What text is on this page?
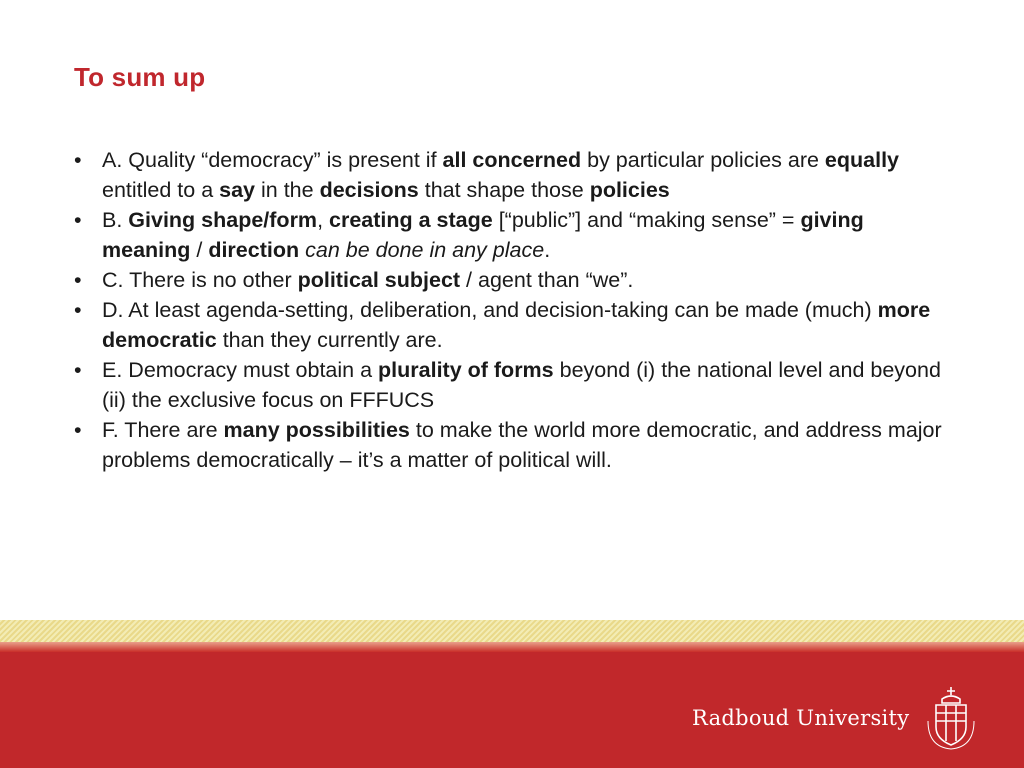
To sum up
• A. Quality “democracy” is present if all concerned by particular policies are equally entitled to a say in the decisions that shape those policies
• B. Giving shape/form, creating a stage [“public”] and “making sense” = giving meaning / direction can be done in any place.
• C. There is no other political subject / agent than “we”.
• D. At least agenda-setting, deliberation, and decision-taking can be made (much) more democratic than they currently are.
• E. Democracy must obtain a plurality of forms beyond (i) the national level and beyond (ii) the exclusive focus on FFFUCS
• F. There are many possibilities to make the world more democratic, and address major problems democratically – it’s a matter of political will.
Radboud University
